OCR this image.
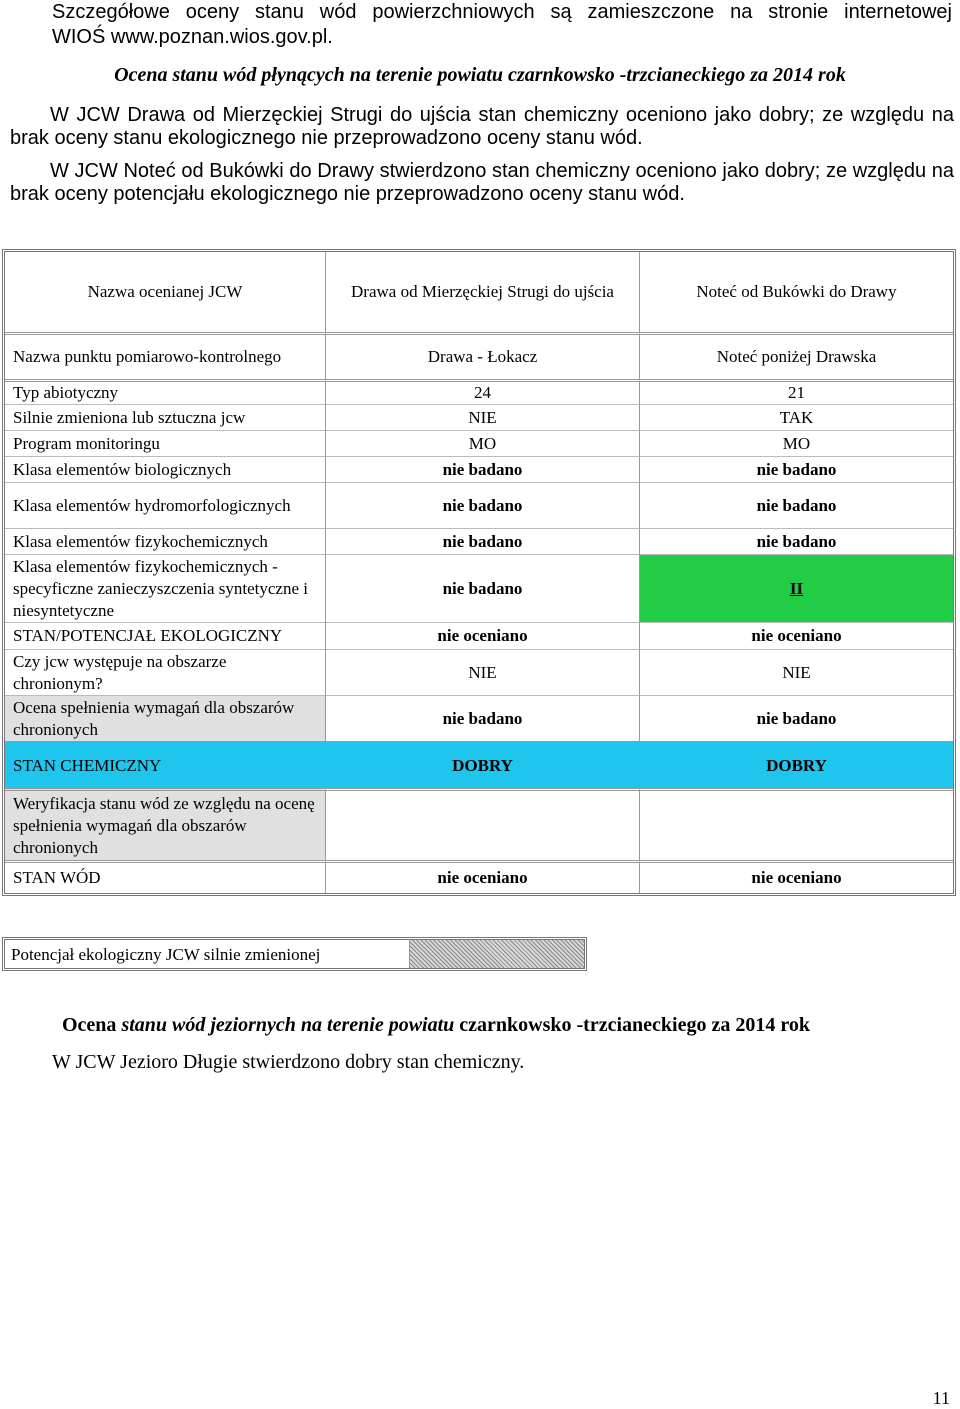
Szczegółowe oceny stanu wód powierzchniowych są zamieszczone na stronie internetowej

WIOŚ www.poznan.wios.gov.pl.

Ocena stanu wód płynących na terenie powiatu czarnkowsko -trzcianeckiego za 2014 rok
W JCW Drawa od Mierzęckiej Strugi do ujścia stan chemiczny oceniono jako dobry; ze względu na brak oceny stanu ekologicznego nie przeprowadzono oceny stanu wód.
W JCW Noteć od Bukówki do Drawy stwierdzono stan chemiczny oceniono jako dobry; ze względu na brak oceny potencjału ekologicznego nie przeprowadzono oceny stanu wód.
Nazwa ocenianej JCW	Drawa od Mierzęckiej Strugi do ujścia	Noteć od Bukówki do Drawy
Nazwa punktu pomiarowo-kontrolnego	Drawa - Łokacz	Noteć poniżej Drawska
Typ abiotyczny	24	21
Silnie zmieniona lub sztuczna jcw	NIE	TAK
Program monitoringu	MO	MO
Klasa elementów biologicznych	nie badano	nie badano
Klasa elementów hydromorfologicznych	nie badano	nie badano
Klasa elementów fizykochemicznych	nie badano	nie badano
Klasa elementów fizykochemicznych - specyficzne zanieczyszczenia syntetyczne i niesyntetyczne	nie badano	II
STAN/POTENCJAŁ EKOLOGICZNY	nie oceniano	nie oceniano
Czy jcw występuje na obszarze chronionym?	NIE	NIE
Ocena spełnienia wymagań dla obszarów chronionych	nie badano	nie badano
STAN CHEMICZNY	DOBRY	DOBRY
Weryfikacja stanu wód ze względu na ocenę spełnienia wymagań dla obszarów chronionych		
STAN WÓD	nie oceniano	nie oceniano
Potencjał ekologiczny JCW silnie zmienionej
Ocena stanu wód jeziornych na terenie powiatu czarnkowsko -trzcianeckiego za 2014 rok
W JCW Jezioro Długie stwierdzono dobry stan chemiczny.
11
